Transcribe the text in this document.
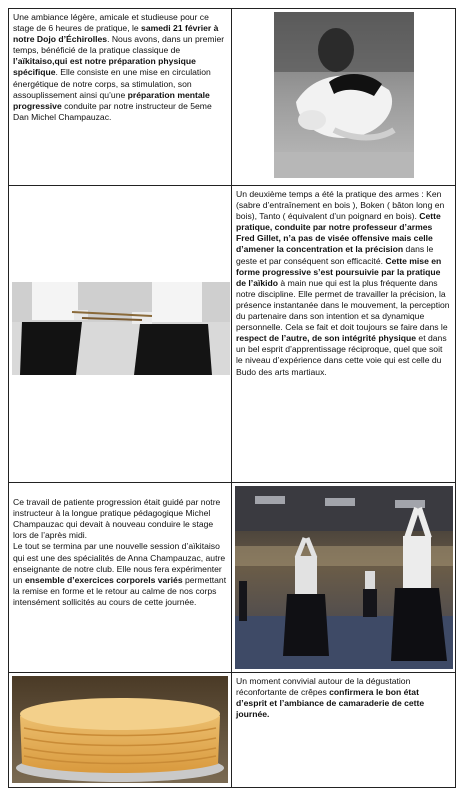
Une ambiance légère, amicale et studieuse pour ce stage de 6 heures de pratique, le samedi 21 février à notre Dojo d’Échirolles. Nous avons, dans un premier temps, bénéficié de la pratique classique de l’aïkitaiso,qui est notre préparation physique spécifique. Elle consiste en une mise en circulation énergétique de notre corps, sa stimulation, son assouplissement ainsi qu’une préparation mentale progressive conduite par notre instructeur de 5eme Dan Michel Champauzac.
Un deuxième temps a été la pratique des armes : Ken (sabre d’entraînement en bois ), Boken ( bâton long en bois), Tanto ( équivalent d’un poignard en bois). Cette pratique, conduite par notre professeur d’armes Fred Gillet, n’a pas de visée offensive mais celle d’amener la concentration et la précision dans le geste et par conséquent son efficacité. Cette mise en forme progressive s’est poursuivie par la pratique de l’aïkido à main nue qui est la plus fréquente dans notre discipline. Elle permet de travailler la précision, la présence instantanée dans le mouvement, la perception du partenaire dans son intention et sa dynamique personnelle. Cela se fait et doit toujours se faire dans le respect de l’autre, de son intégrité physique et dans un bel esprit d’apprentissage réciproque, quel que soit le niveau d’expérience dans cette voie qui est celle du Budo des arts martiaux.

Ce travail de patiente progression était guidé par notre instructeur à la longue pratique pédagogique Michel Champauzac qui devait à nouveau conduire le stage lors de l’après midi.
Le tout se termina par une nouvelle session d’aïkitaiso qui est une des spécialités de Anna Champauzac, autre enseignante de notre club. Elle nous fera expérimenter un ensemble d’exercices corporels variés permettant la remise en forme et le retour au calme de nos corps intensément sollicités au cours de cette journée.

Un moment convivial autour de la dégustation réconfortante de crêpes confirmera le bon état d’esprit et l’ambiance de camaraderie de cette journée.
